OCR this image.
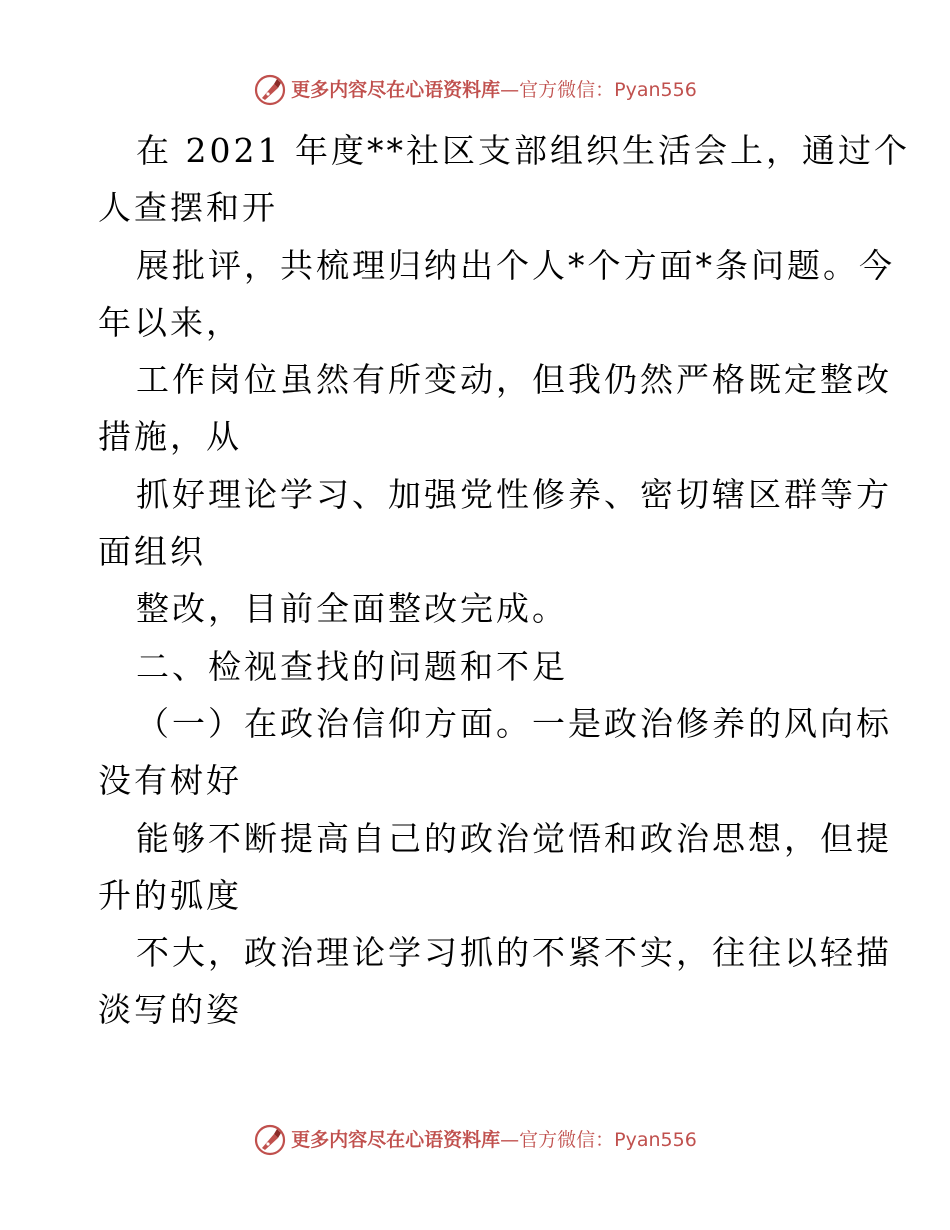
更多内容尽在心语资料库—官方微信：Pyan556
在 2021 年度**社区支部组织生活会上，通过个
人查摆和开
展批评，共梳理归纳出个人*个方面*条问题。今
年以来，
工作岗位虽然有所变动，但我仍然严格既定整改
措施，从
抓好理论学习、加强党性修养、密切辖区群等方
面组织
整改，目前全面整改完成。
二、检视查找的问题和不足
（一）在政治信仰方面。一是政治修养的风向标
没有树好
能够不断提高自己的政治觉悟和政治思想，但提
升的弧度
不大，政治理论学习抓的不紧不实，往往以轻描
淡写的姿
更多内容尽在心语资料库—官方微信：Pyan556
